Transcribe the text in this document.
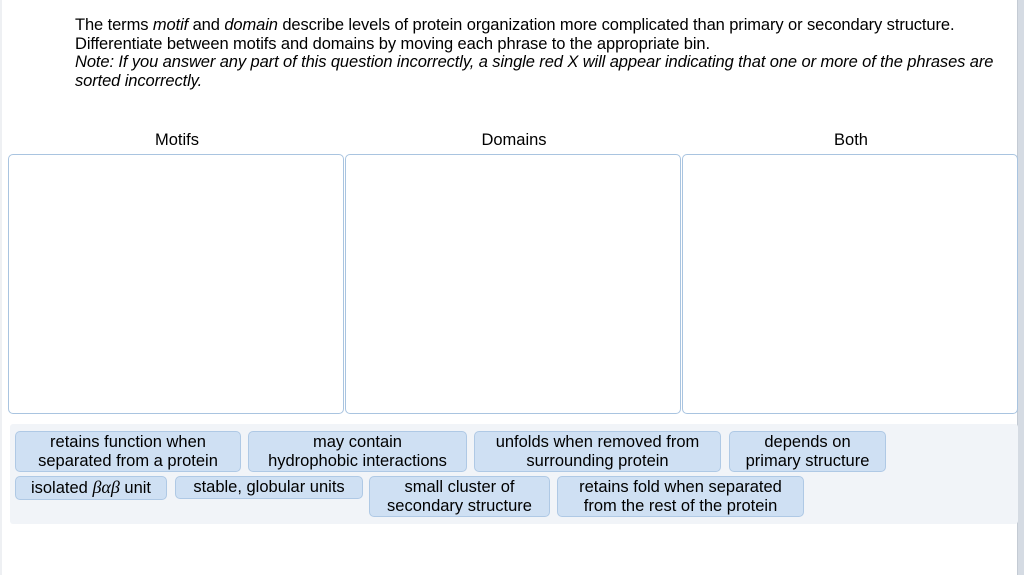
The terms motif and domain describe levels of protein organization more complicated than primary or secondary structure. Differentiate between motifs and domains by moving each phrase to the appropriate bin.

Note: If you answer any part of this question incorrectly, a single red X will appear indicating that one or more of the phrases are sorted incorrectly.

Motifs	Domains	Both
retains function when
separated from a protein
may contain
hydrophobic interactions
unfolds when removed from
surrounding protein
depends on
primary structure
isolated βαβ unit	stable, globular units	small cluster of
secondary structure
retains fold when separated
from the rest of the protein
